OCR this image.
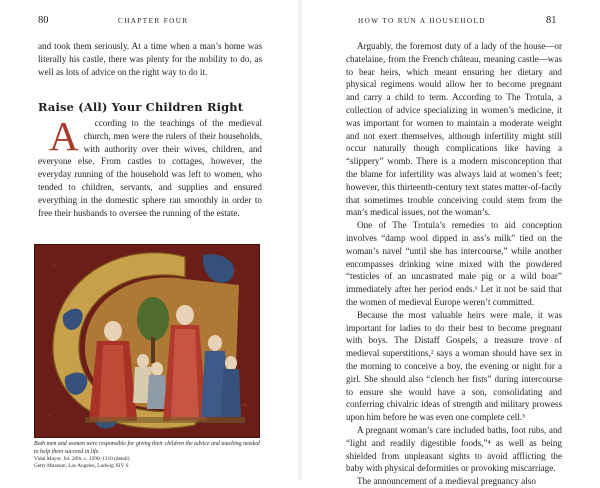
80	CHAPTER FOUR

and took them seriously. At a time when a man’s home was literally his castle, there was plenty for the nobility to do, as well as lots of advice on the right way to do it.

Raise (All) Your Children Right

A	ccording to the teachings of the medieval church, men were the rulers of their households, with authority over their wives, children, and everyone else. From castles to cottages, however, the everyday running of the household was left to women, who tended to children, servants, and supplies and ensured everything in the domestic sphere ran smoothly in order to free their husbands to oversee the running of the estate.

Both men and women were responsible for giving their children the advice and teaching needed to help them succeed in life.
Vidal Mayor, fol. 209r, c. 1290–1310 (detail)
Getty Museum, Los Angeles, Ludwig XIV 6
HOW TO RUN A HOUSEHOLD	81

Arguably, the foremost duty of a lady of the house—or chatelaine, from the French château, meaning castle—was to bear heirs, which meant ensuring her dietary and physical regimens would allow her to become pregnant and carry a child to term. According to The Trotula, a collection of advice specializing in women’s medicine, it was important for women to maintain a moderate weight and not exert themselves, although infertility might still occur naturally though complications like having a “slippery” womb. There is a modern misconception that the blame for infertility was always laid at women’s feet; however, this thirteenth-century text states matter-of-factly that sometimes trouble conceiving could stem from the man’s medical issues, not the woman’s.

One of The Trotula’s remedies to aid conception involves “damp wool dipped in ass’s milk” tied on the woman’s navel “until she has intercourse,” while another encompasses drinking wine mixed with the powdered “testicles of an uncastrated male pig or a wild boar” immediately after her period ends.¹ Let it not be said that the women of medieval Europe weren’t committed.

Because the most valuable heirs were male, it was important for ladies to do their best to become pregnant with boys. The Distaff Gospels, a treasure trove of medieval superstitions,² says a woman should have sex in the morning to conceive a boy, the evening or night for a girl. She should also “clench her fists” during intercourse to ensure she would have a son, consolidating and conferring chivalric ideas of strength and military prowess upon him before he was even one complete cell.³

A pregnant woman’s care included baths, foot rubs, and “light and readily digestible foods,”⁴ as well as being shielded from unpleasant sights to avoid afflicting the baby with physical deformities or provoking miscarriage.

The announcement of a medieval pregnancy also
